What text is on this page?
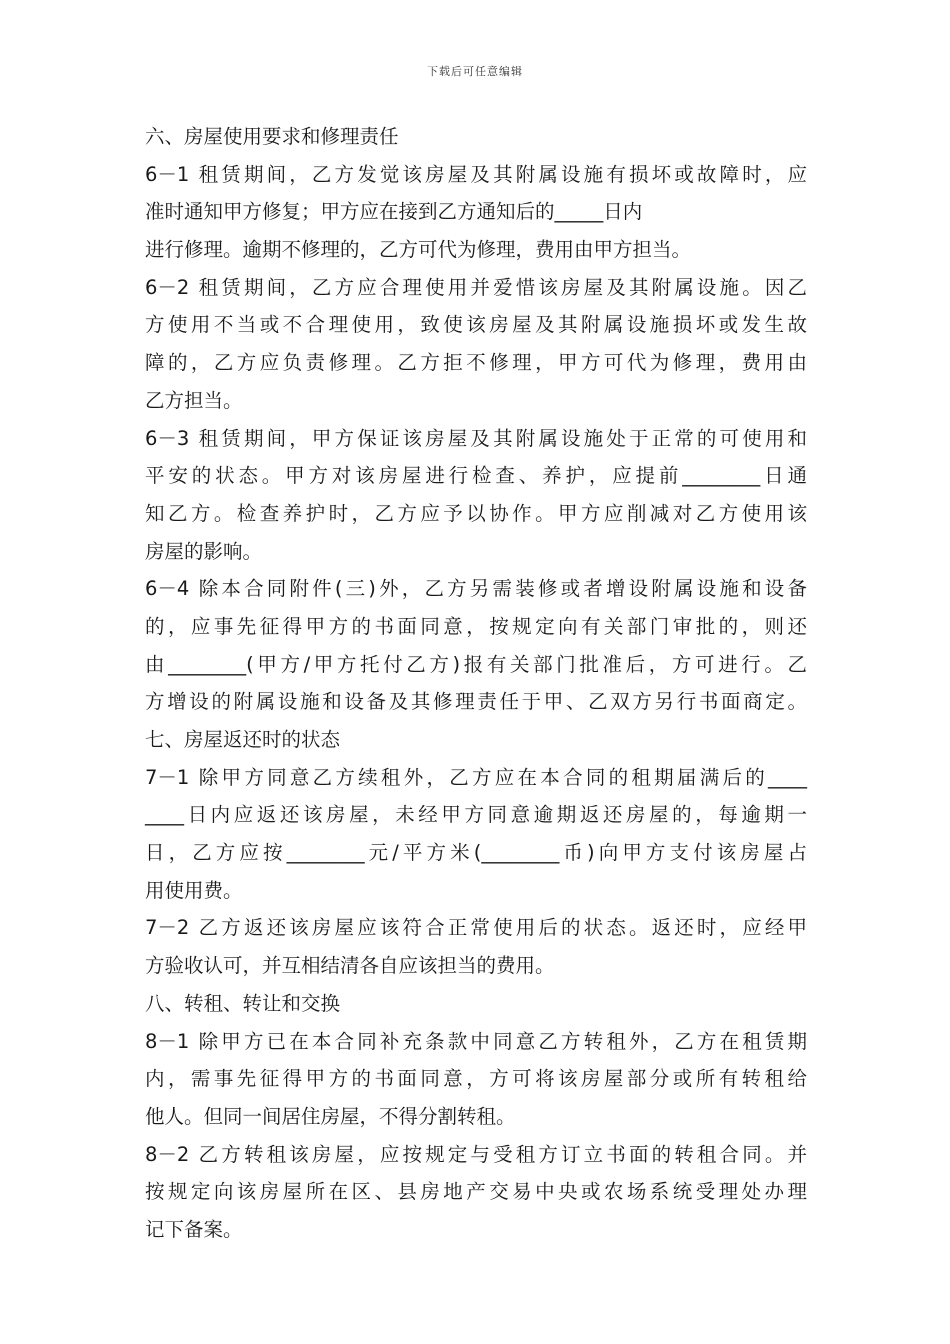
下载后可任意编辑
六、房屋使用要求和修理责任
6－1 租赁期间，乙方发觉该房屋及其附属设施有损坏或故障时，应
准时通知甲方修复；甲方应在接到乙方通知后的_____日内
进行修理。逾期不修理的，乙方可代为修理，费用由甲方担当。
6－2 租赁期间，乙方应合理使用并爱惜该房屋及其附属设施。因乙
方使用不当或不合理使用，致使该房屋及其附属设施损坏或发生故
障的，乙方应负责修理。乙方拒不修理，甲方可代为修理，费用由
乙方担当。
6－3 租赁期间，甲方保证该房屋及其附属设施处于正常的可使用和
平安的状态。甲方对该房屋进行检查、养护，应提前________日通
知乙方。检查养护时，乙方应予以协作。甲方应削减对乙方使用该
房屋的影响。
6－4 除本合同附件(三)外，乙方另需装修或者增设附属设施和设备
的，应事先征得甲方的书面同意，按规定向有关部门审批的，则还
由________(甲方/甲方托付乙方)报有关部门批准后，方可进行。乙
方增设的附属设施和设备及其修理责任于甲、乙双方另行书面商定。
七、房屋返还时的状态
7－1 除甲方同意乙方续租外，乙方应在本合同的租期届满后的____
____日内应返还该房屋，未经甲方同意逾期返还房屋的，每逾期一
日，乙方应按________元/平方米(________币)向甲方支付该房屋占
用使用费。
7－2 乙方返还该房屋应该符合正常使用后的状态。返还时，应经甲
方验收认可，并互相结清各自应该担当的费用。
八、转租、转让和交换
8－1 除甲方已在本合同补充条款中同意乙方转租外，乙方在租赁期
内，需事先征得甲方的书面同意，方可将该房屋部分或所有转租给
他人。但同一间居住房屋，不得分割转租。
8－2 乙方转租该房屋，应按规定与受租方订立书面的转租合同。并
按规定向该房屋所在区、县房地产交易中央或农场系统受理处办理
记下备案。
